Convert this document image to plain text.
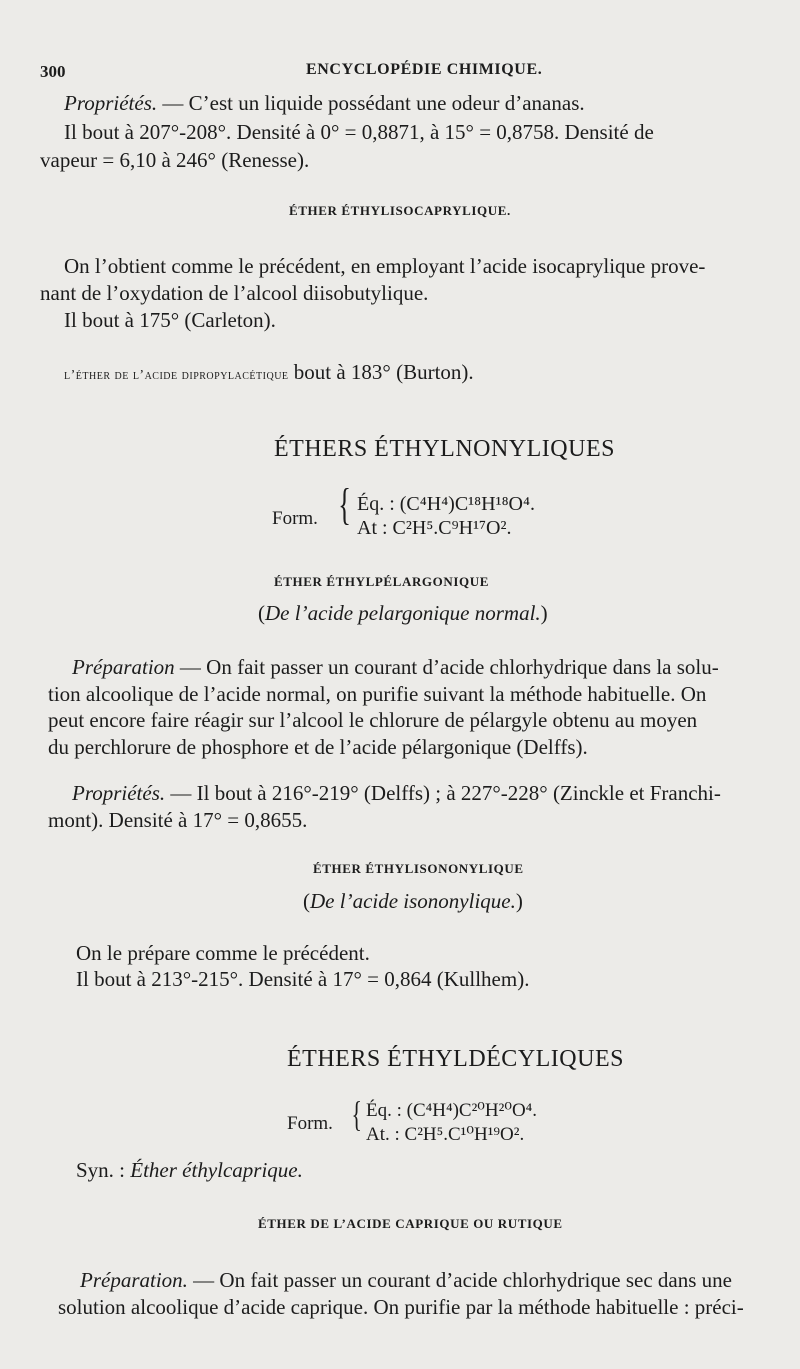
300	ENCYCLOPÉDIE CHIMIQUE.
Propriétés. — C’est un liquide possédant une odeur d’ananas.
Il bout à 207°-208°. Densité à 0° = 0,8871, à 15° = 0,8758. Densité de
vapeur = 6,10 à 246° (Renesse).
ÉTHER ÉTHYLISOCAPRYLIQUE.
On l’obtient comme le précédent, en employant l’acide isocaprylique prove-
nant de l’oxydation de l’alcool diisobutylique.
Il bout à 175° (Carleton).
l’éther de l’acide dipropylacétique bout à 183° (Burton).
ÉTHERS ÉTHYLNONYLIQUES
Form. { Éq. : (C⁴H⁴)C¹⁸H¹⁸O⁴.
At : C²H⁵.C⁹H¹⁷O².
ÉTHER ÉTHYLPÉLARGONIQUE
(De l’acide pelargonique normal.)
Préparation — On fait passer un courant d’acide chlorhydrique dans la solu-
tion alcoolique de l’acide normal, on purifie suivant la méthode habituelle. On
peut encore faire réagir sur l’alcool le chlorure de pélargyle obtenu au moyen
du perchlorure de phosphore et de l’acide pélargonique (Delffs).
Propriétés. — Il bout à 216°-219° (Delffs) ; à 227°-228° (Zinckle et Franchi-
mont). Densité à 17° = 0,8655.
ÉTHER ÉTHYLISONONYLIQUE
(De l’acide isononylique.)
On le prépare comme le précédent.
Il bout à 213°-215°. Densité à 17° = 0,864 (Kullhem).
ÉTHERS ÉTHYLDÉCYLIQUES
Form. { Éq. : (C⁴H⁴)C²⁰H²⁰O⁴.
At. : C²H⁵.C¹⁰H¹⁹O².
Syn. : Éther éthylcaprique.
ÉTHER DE L’ACIDE CAPRIQUE OU RUTIQUE
Préparation. — On fait passer un courant d’acide chlorhydrique sec dans une
solution alcoolique d’acide caprique. On purifie par la méthode habituelle : préci-
